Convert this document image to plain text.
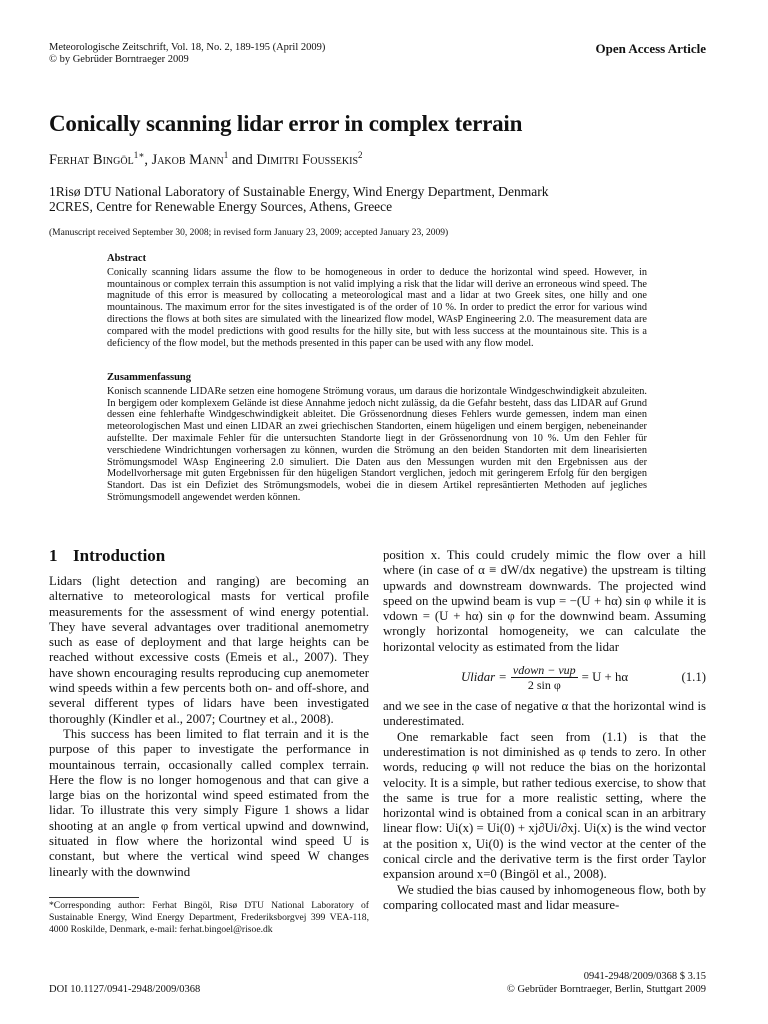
Meteorologische Zeitschrift, Vol. 18, No. 2, 189-195 (April 2009)
© by Gebrüder Borntraeger 2009
Open Access Article
Conically scanning lidar error in complex terrain
Ferhat Bingöl$^{1∗}$, Jakob Mann$^1$ and Dimitri Foussekis$^2$
1Risø DTU National Laboratory of Sustainable Energy, Wind Energy Department, Denmark
2CRES, Centre for Renewable Energy Sources, Athens, Greece
(Manuscript received September 30, 2008; in revised form January 23, 2009; accepted January 23, 2009)
Abstract
Conically scanning lidars assume the flow to be homogeneous in order to deduce the horizontal wind speed. However, in mountainous or complex terrain this assumption is not valid implying a risk that the lidar will derive an erroneous wind speed. The magnitude of this error is measured by collocating a meteorological mast and a lidar at two Greek sites, one hilly and one mountainous. The maximum error for the sites investigated is of the order of 10 %. In order to predict the error for various wind directions the flows at both sites are simulated with the linearized flow model, WAsP Engineering 2.0. The measurement data are compared with the model predictions with good results for the hilly site, but with less success at the mountainous site. This is a deficiency of the flow model, but the methods presented in this paper can be used with any flow model.
Zusammenfassung
Konisch scannende LIDARe setzen eine homogene Strömung voraus, um daraus die horizontale Windgeschwindigkeit abzuleiten. In bergigem oder komplexem Gelände ist diese Annahme jedoch nicht zulässig, da die Gefahr besteht, dass das LIDAR auf Grund dessen eine fehlerhafte Windgeschwindigkeit ableitet. Die Grössenordnung dieses Fehlers wurde gemessen, indem man einen meteorologischen Mast und einen LIDAR an zwei griechischen Standorten, einem hügeligen und einem bergigen, nebeneinander aufstellte. Der maximale Fehler für die untersuchten Standorte liegt in der Grössenordnung von 10 %. Um den Fehler für verschiedene Windrichtungen vorhersagen zu können, wurden die Strömung an den beiden Standorten mit dem linearisierten Strömungsmodel WAsp Engineering 2.0 simuliert. Die Daten aus den Messungen wurden mit den Ergebnissen aus der Modellvorhersage mit guten Ergebnissen für den hügeligen Standort verglichen, jedoch mit geringerem Erfolg für den bergigen Standort. Das ist ein Defiziet des Strömungsmodels, wobei die in diesem Artikel represäntierten Methoden auf jegliches Strömungsmodell angewendet werden können.
1 Introduction

Lidars (light detection and ranging) are becoming an alternative to meteorological masts for vertical profile measurements for the assessment of wind energy potential. They have several advantages over traditional anemometry such as ease of deployment and that large heights can be reached without excessive costs (Emeis et al., 2007). They have shown encouraging results reproducing cup anemometer wind speeds within a few percents both on- and off-shore, and several different types of lidars have been investigated thoroughly (Kindler et al., 2007; Courtney et al., 2008).

This success has been limited to flat terrain and it is the purpose of this paper to investigate the performance in mountainous terrain, occasionally called complex terrain. Here the flow is no longer homogenous and that can give a large bias on the horizontal wind speed estimated from the lidar. To illustrate this very simply Figure 1 shows a lidar shooting at an angle φ from vertical upwind and downwind, situated in flow where the horizontal wind speed U is constant, but where the vertical wind speed W changes linearly with the downwind

position x. This could crudely mimic the flow over a hill where (in case of α ≡ dW/dx negative) the upstream is tilting upwards and downstream downwards. The projected wind speed on the upwind beam is vup = −(U + hα) sin φ while it is vdown = (U + hα) sin φ for the downwind beam. Assuming wrongly horizontal homogeneity, we can calculate the horizontal velocity as estimated from the lidar

Ulidar = $\frac{\text{vdown − vup}}{\text{2 sin φ}} = U + h\alpha$	(1.1)

and we see in the case of negative α that the horizontal wind is underestimated.

One remarkable fact seen from (1.1) is that the underestimation is not diminished as φ tends to zero. In other words, reducing φ will not reduce the bias on the horizontal velocity. It is a simple, but rather tedious exercise, to show that the same is true for a more realistic setting, where the horizontal wind is obtained from a conical scan in an arbitrary linear flow: Ui(x) = Ui(0) + xj∂Ui/∂xj. Ui(x) is the wind vector at the position x, Ui(0) is the wind vector at the center of the conical circle and the derivative term is the first order Taylor expansion around x=0 (Bingöl et al., 2008).

We studied the bias caused by inhomogeneous flow, both by comparing collocated mast and lidar measure-

*Corresponding author: Ferhat Bingöl, Risø DTU National Laboratory of Sustainable Energy, Wind Energy Department, Frederiksborgvej 399 VEA-118, 4000 Roskilde, Denmark, e-mail: ferhat.bingoel@risoe.dk
DOI 10.1127/0941-2948/2009/0368
0941-2948/2009/0368 $ 3.15
© Gebrüder Borntraeger, Berlin, Stuttgart 2009
